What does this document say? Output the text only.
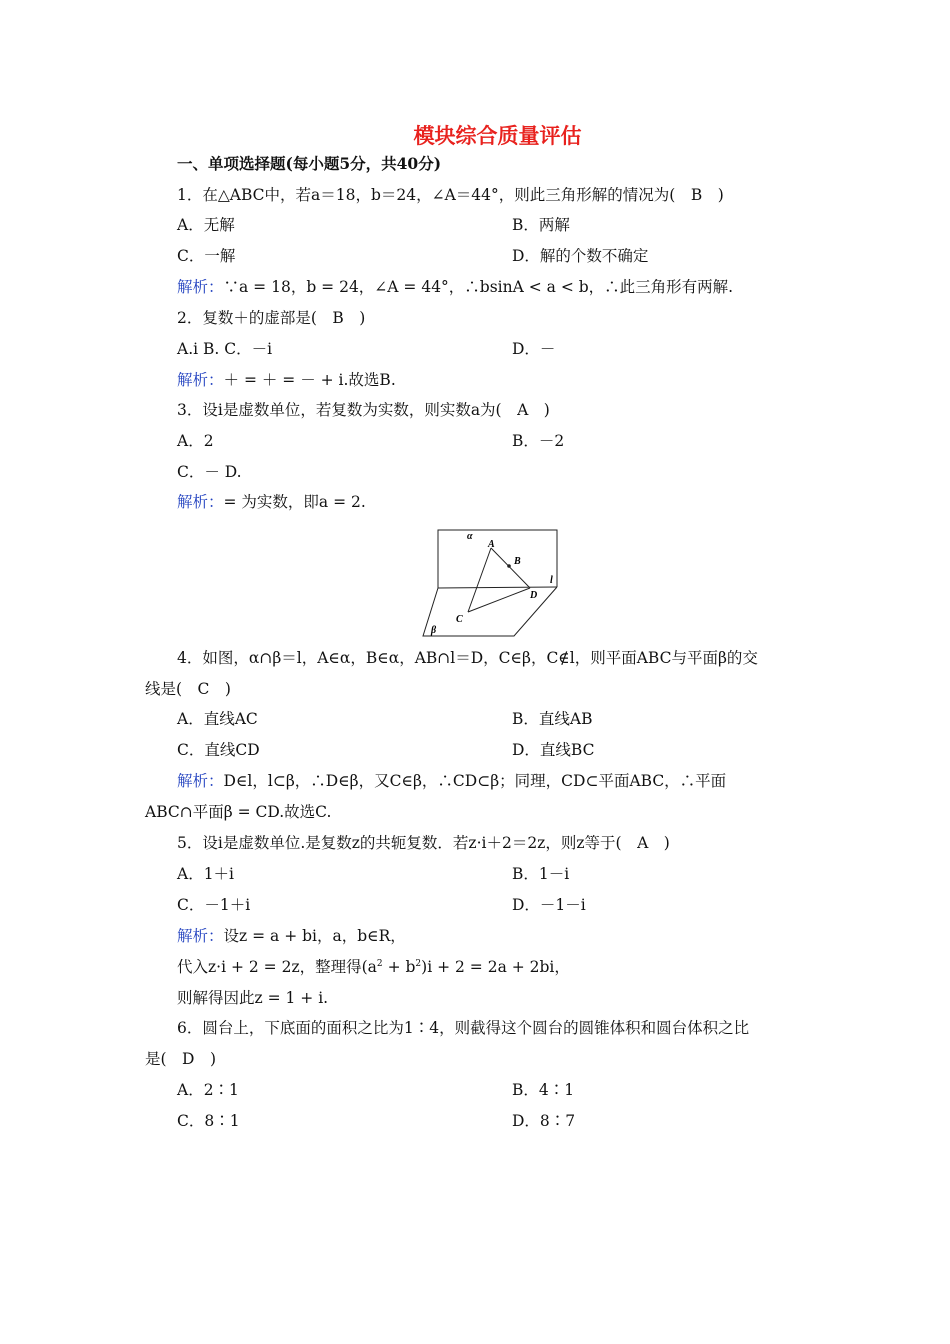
模块综合质量评估
一、单项选择题(每小题5分，共40分)
1．在△ABC中，若a＝18，b＝24，∠A＝44°，则此三角形解的情况为(　B　)
A．无解	B．两解
C．一解	D．解的个数不确定
解析：∵a = 18，b = 24，∠A = 44°，∴bsinA < a < b，∴此三角形有两解.
2．复数＋的虚部是(　B　)
A.i B. C．－i	D．－
解析：＋ = ＋ = － + i.故选B.
3．设i是虚数单位，若复数为实数，则实数a为(　A　)
A．2	B．－2
C．－ D.
解析：= 为实数，即a = 2.
α
A
B
l
D
C
β
4．如图，α∩β＝l，A∈α，B∈α，AB∩l＝D，C∈β，C∉l，则平面ABC与平面β的交
线是(　C　)
A．直线AC	B．直线AB
C．直线CD	D．直线BC
解析：D∈l，l⊂β，∴D∈β，又C∈β，∴CD⊂β；同理，CD⊂平面ABC，∴平面
ABC∩平面β = CD.故选C.
5．设i是虚数单位.是复数z的共轭复数．若z·i＋2＝2z，则z等于(　A　)
A．1＋i	B．1－i
C．－1＋i	D．－1－i
解析：设z = a + bi，a，b∈R，
代入z·i + 2 = 2z，整理得$(a^2 + b^2)i + 2 = 2a + 2bi$，
则解得因此z = 1 + i.
6．圆台上，下底面的面积之比为1∶4，则截得这个圆台的圆锥体积和圆台体积之比
是(　D　)
A．2∶1	B．4∶1
C．8∶1	D．8∶7
